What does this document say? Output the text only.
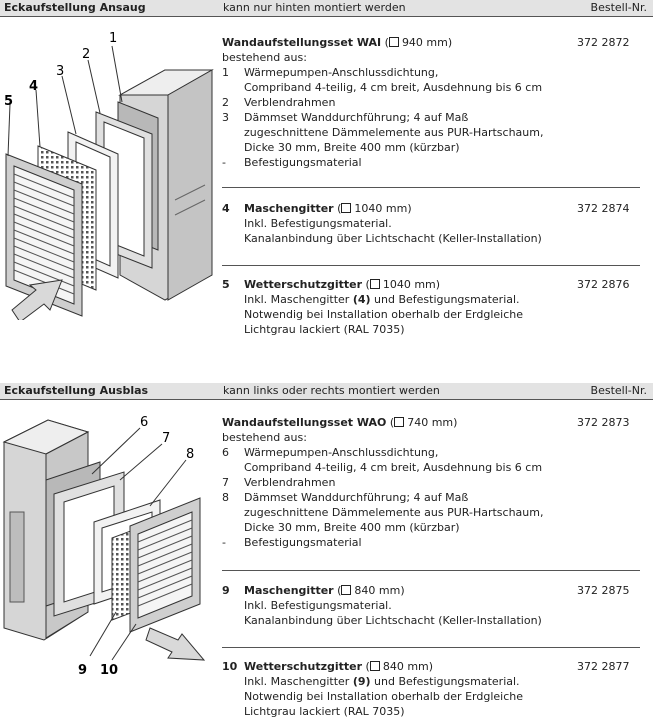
Eckaufstellung Ansaug	kann nur hinten montiert werden	Bestell-Nr.
1
2
3
4
5
Wandaufstellungsset WAI ( 940 mm)
bestehend aus:
1 Wärmepumpen-Anschlussdichtung,
Compriband 4-teilig, 4 cm breit, Ausdehnung bis 6 cm
2 Verblendrahmen
3 Dämmset Wanddurchführung; 4 auf Maß
zugeschnittene Dämmelemente aus PUR-Hartschaum,
Dicke 30 mm, Breite 400 mm (kürzbar)
- Befestigungsmaterial
372 2872
4 Maschengitter ( 1040 mm)
Inkl. Befestigungsmaterial.
Kanalanbindung über Lichtschacht (Keller-Installation)
372 2874
5 Wetterschutzgitter ( 1040 mm)
Inkl. Maschengitter (4) und Befestigungsmaterial.
Notwendig bei Installation oberhalb der Erdgleiche
Lichtgrau lackiert (RAL 7035)
372 2876
Eckaufstellung Ausblas	kann links oder rechts montiert werden	Bestell-Nr.
6
7
8
9 10
Wandaufstellungsset WAO ( 740 mm)
bestehend aus:
6 Wärmepumpen-Anschlussdichtung,
Compriband 4-teilig, 4 cm breit, Ausdehnung bis 6 cm
7 Verblendrahmen
8 Dämmset Wanddurchführung; 4 auf Maß
zugeschnittene Dämmelemente aus PUR-Hartschaum,
Dicke 30 mm, Breite 400 mm (kürzbar)
- Befestigungsmaterial
372 2873
9 Maschengitter ( 840 mm)
Inkl. Befestigungsmaterial.
Kanalanbindung über Lichtschacht (Keller-Installation)
372 2875
10 Wetterschutzgitter ( 840 mm)
Inkl. Maschengitter (9) und Befestigungsmaterial.
Notwendig bei Installation oberhalb der Erdgleiche
Lichtgrau lackiert (RAL 7035)
372 2877
